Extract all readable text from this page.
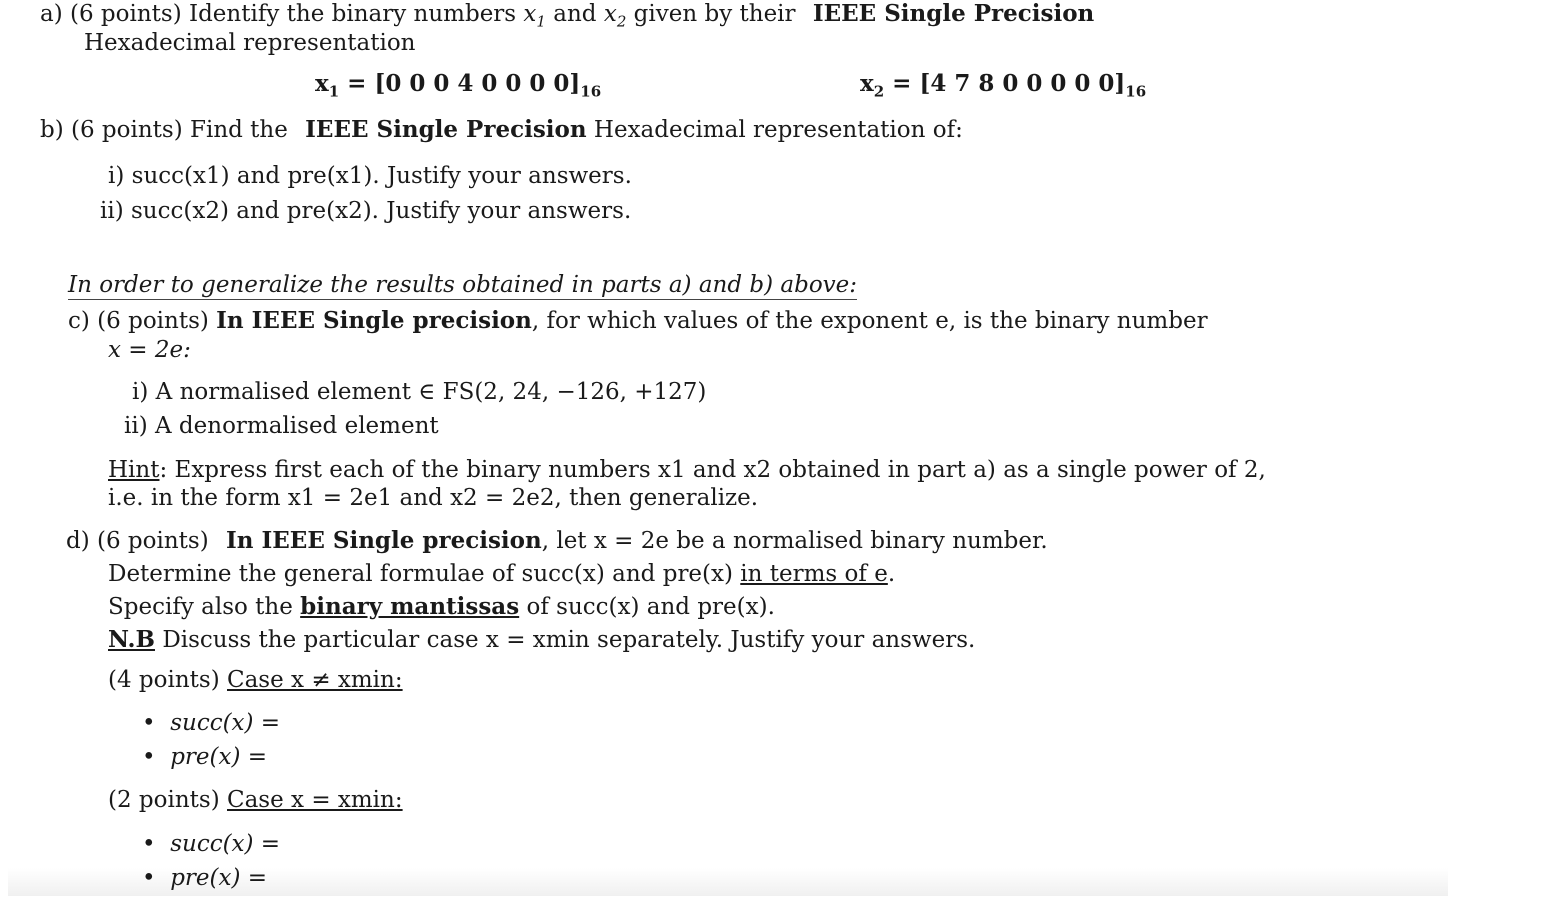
a) (6 points) Identify the binary numbers $x_1$ and $x_2$ given by their IEEE Single Precision
Hexadecimal representation
$x_1 = [0$ 0 0 4 0 0 0 $0]_{16}$	$x_2 = [4$ 7 8 0 0 0 0 $0]_{16}$
b) (6 points) Find the IEEE Single Precision Hexadecimal representation of:
i) succ(x1) and pre(x1). Justify your answers.
ii) succ(x2) and pre(x2). Justify your answers.
In order to generalize the results obtained in parts a) and b) above:
c) (6 points) In IEEE Single precision, for which values of the exponent e, is the binary number
x = 2e:
i) A normalised element ∈ FS(2, 24, −126, +127)
ii) A denormalised element
Hint: Express first each of the binary numbers x1 and x2 obtained in part a) as a single power of 2,
i.e. in the form x1 = 2e1 and x2 = 2e2, then generalize.
d) (6 points) In IEEE Single precision, let x = 2e be a normalised binary number.
Determine the general formulae of succ(x) and pre(x) in terms of e.
Specify also the binary mantissas of succ(x) and pre(x).
N.B Discuss the particular case x = xmin separately. Justify your answers.
(4 points) Case x ≠ xmin:
• succ(x) =
• pre(x) =
(2 points) Case x = xmin:
• succ(x) =
• pre(x) =
